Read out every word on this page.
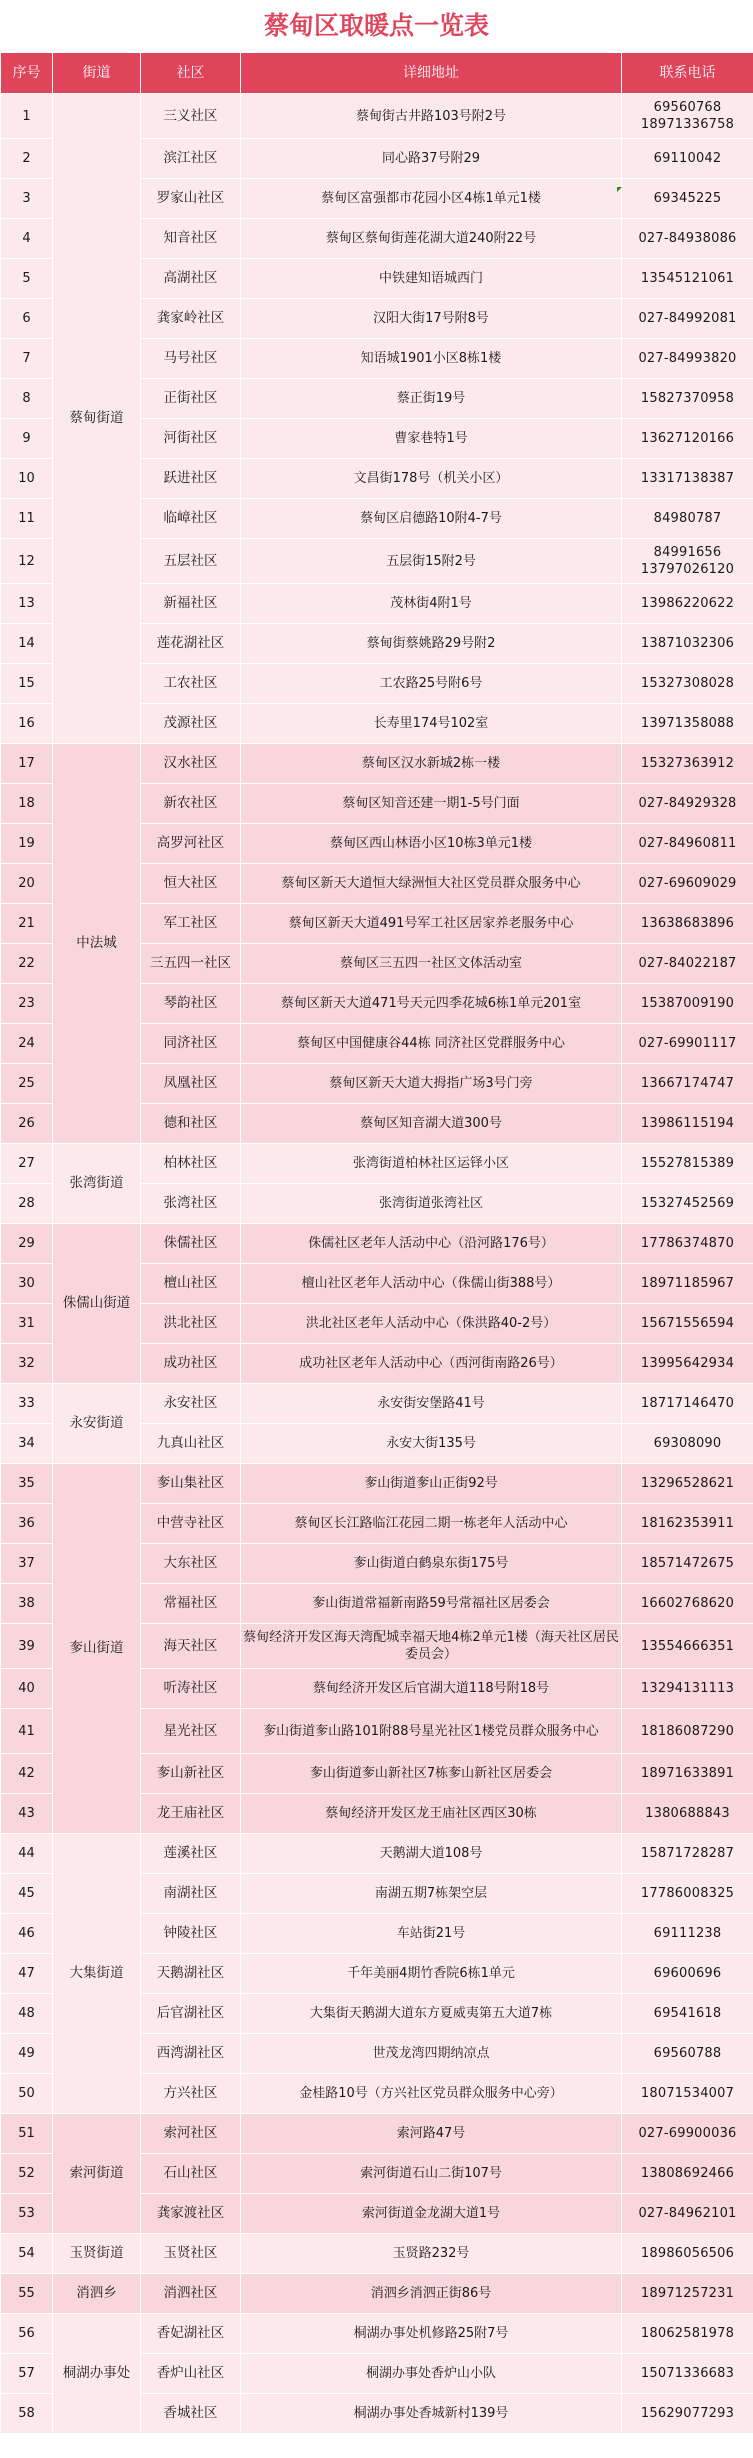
蔡甸区取暖点一览表
序号	街道	社区	详细地址	联系电话
1	蔡甸街道	三义社区	蔡甸街古井路103号附2号	69560768
18971336758
2		滨江社区	同心路37号附29	69110042
3		罗家山社区	蔡甸区富强都市花园小区4栋1单元1楼	69345225
4		知音社区	蔡甸区蔡甸街莲花湖大道240附22号	027-84938086
5		高湖社区	中铁建知语城西门	13545121061
6		龚家岭社区	汉阳大街17号附8号	027-84992081
7		马号社区	知语城1901小区8栋1楼	027-84993820
8		正街社区	蔡正街19号	15827370958
9		河街社区	曹家巷特1号	13627120166
10		跃进社区	文昌街178号（机关小区）	13317138387
11		临嶂社区	蔡甸区启德路10附4-7号	84980787
12		五层社区	五层街15附2号	84991656
13797026120
13		新福社区	茂林街4附1号	13986220622
14		莲花湖社区	蔡甸街蔡姚路29号附2	13871032306
15		工农社区	工农路25号附6号	15327308028
16		茂源社区	长寿里174号102室	13971358088
17	中法城	汉水社区	蔡甸区汉水新城2栋一楼	15327363912
18		新农社区	蔡甸区知音还建一期1-5号门面	027-84929328
19		高罗河社区	蔡甸区西山林语小区10栋3单元1楼	027-84960811
20		恒大社区	蔡甸区新天大道恒大绿洲恒大社区党员群众服务中心	027-69609029
21		军工社区	蔡甸区新天大道491号军工社区居家养老服务中心	13638683896
22		三五四一社区	蔡甸区三五四一社区文体活动室	027-84022187
23		琴韵社区	蔡甸区新天大道471号天元四季花城6栋1单元201室	15387009190
24		同济社区	蔡甸区中国健康谷44栋 同济社区党群服务中心	027-69901117
25		凤凰社区	蔡甸区新天大道大拇指广场3号门旁	13667174747
26		德和社区	蔡甸区知音湖大道300号	13986115194
27	张湾街道	柏林社区	张湾街道柏林社区运铎小区	15527815389
28		张湾社区	张湾街道张湾社区	15327452569
29	侏儒山街道	侏儒社区	侏儒社区老年人活动中心（沿河路176号）	17786374870
30		檀山社区	檀山社区老年人活动中心（侏儒山街388号）	18971185967
31		洪北社区	洪北社区老年人活动中心（侏洪路40-2号）	15671556594
32		成功社区	成功社区老年人活动中心（西河街南路26号）	13995642934
33	永安街道	永安社区	永安街安堡路41号	18717146470
34		九真山社区	永安大街135号	69308090
35	奓山街道	奓山集社区	奓山街道奓山正街92号	13296528621
36		中营寺社区	蔡甸区长江路临江花园二期一栋老年人活动中心	18162353911
37		大东社区	奓山街道白鹤泉东街175号	18571472675
38		常福社区	奓山街道常福新南路59号常福社区居委会	16602768620
39		海天社区	蔡甸经济开发区海天湾配城幸福天地4栋2单元1楼（海天社区居民委员会）	13554666351
40		听涛社区	蔡甸经济开发区后官湖大道118号附18号	13294131113
41		星光社区	奓山街道奓山路101附88号星光社区1楼党员群众服务中心	18186087290
42		奓山新社区	奓山街道奓山新社区7栋奓山新社区居委会	18971633891
43		龙王庙社区	蔡甸经济开发区龙王庙社区西区30栋	1380688843
44	大集街道	莲溪社区	天鹅湖大道108号	15871728287
45		南湖社区	南湖五期7栋架空层	17786008325
46		钟陵社区	车站街21号	69111238
47		天鹅湖社区	千年美丽4期竹香院6栋1单元	69600696
48		后官湖社区	大集街天鹅湖大道东方夏威夷第五大道7栋	69541618
49		西湾湖社区	世茂龙湾四期纳凉点	69560788
50		方兴社区	金桂路10号（方兴社区党员群众服务中心旁）	18071534007
51	索河街道	索河社区	索河路47号	027-69900036
52		石山社区	索河街道石山二街107号	13808692466
53		龚家渡社区	索河街道金龙湖大道1号	027-84962101
54	玉贤街道	玉贤社区	玉贤路232号	18986056506
55	消泗乡	消泗社区	消泗乡消泗正街86号	18971257231
56	桐湖办事处	香妃湖社区	桐湖办事处机修路25附7号	18062581978
57		香炉山社区	桐湖办事处香炉山小队	15071336683
58		香城社区	桐湖办事处香城新村139号	15629077293
